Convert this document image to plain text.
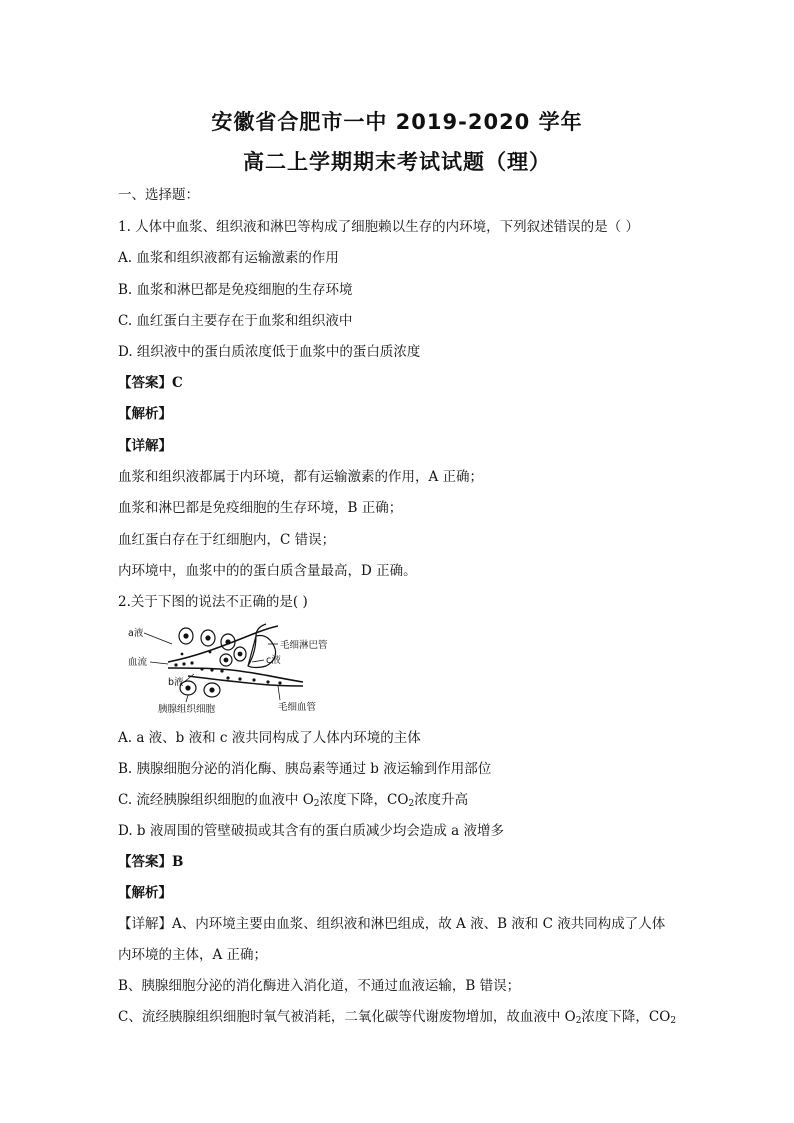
安徽省合肥市一中 2019-2020 学年
高二上学期期末考试试题（理）
一、选择题：
1. 人体中血浆、组织液和淋巴等构成了细胞赖以生存的内环境，下列叙述错误的是（ ）
A. 血浆和组织液都有运输激素的作用
B. 血浆和淋巴都是免疫细胞的生存环境
C. 血红蛋白主要存在于血浆和组织液中
D. 组织液中的蛋白质浓度低于血浆中的蛋白质浓度
【答案】C
【解析】
【详解】
血浆和组织液都属于内环境，都有运输激素的作用，A 正确；
血浆和淋巴都是免疫细胞的生存环境，B 正确；
血红蛋白存在于红细胞内，C 错误；
内环境中，血浆中的的蛋白质含量最高，D 正确。
2.关于下图的说法不正确的是( )
a液
血流
b液
胰腺组织细胞
毛细淋巴管
c液
毛细血管
A. a 液、b 液和 c 液共同构成了人体内环境的主体
B. 胰腺细胞分泌的消化酶、胰岛素等通过 b 液运输到作用部位
C. 流经胰腺组织细胞的血液中 $O_2$浓度下降，$CO_2$浓度升高
D. b 液周围的管壁破损或其含有的蛋白质减少均会造成 a 液增多
【答案】B
【解析】
【详解】A、内环境主要由血浆、组织液和淋巴组成，故 A 液、B 液和 C 液共同构成了人体
内环境的主体，A 正确；
B、胰腺细胞分泌的消化酶进入消化道，不通过血液运输，B 错误；
C、流经胰腺组织细胞时氧气被消耗，二氧化碳等代谢废物增加，故血液中 $O_2$浓度下降，$CO_2$
